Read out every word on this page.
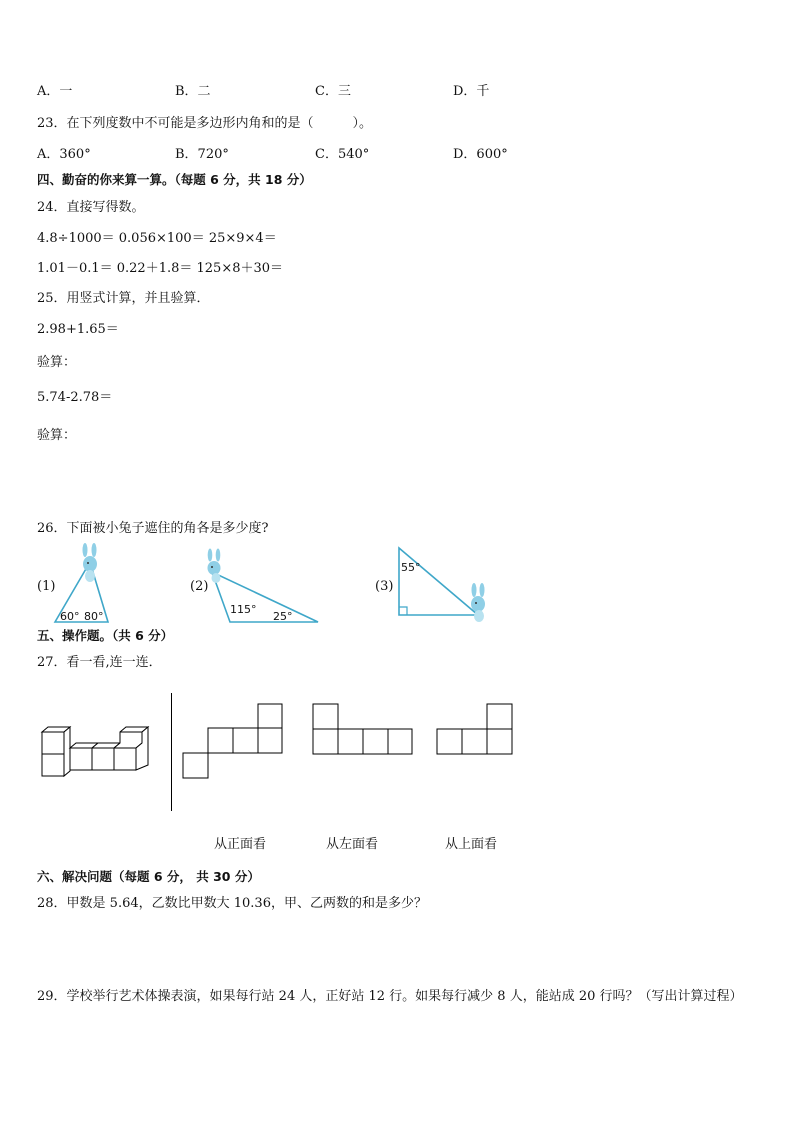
A．一	B．二	C．三	D．千
23．在下列度数中不可能是多边形内角和的是（　　　）。
A．360°	B．720°	C．540°	D．600°
四、勤奋的你来算一算。（每题 6 分，共 18 分）
24．直接写得数。
4.8÷1000＝ 0.056×100＝ 25×9×4＝
1.01－0.1＝ 0.22＋1.8＝ 125×8＋30＝
25．用竖式计算，并且验算．
2.98+1.65＝
验算：
5.74-2.78＝
验算：
26．下面被小兔子遮住的角各是多少度?
(1)
60° 80°
(2)
115°
25°
(3)
55°
五、操作题。（共 6 分）
27．看一看,连一连．
从正面看	从左面看	从上面看
六、解决问题（每题 6 分， 共 30 分）
28．甲数是 5.64，乙数比甲数大 10.36，甲、乙两数的和是多少？
29．学校举行艺术体操表演，如果每行站 24 人，正好站 12 行。如果每行减少 8 人，能站成 20 行吗？（写出计算过程）
